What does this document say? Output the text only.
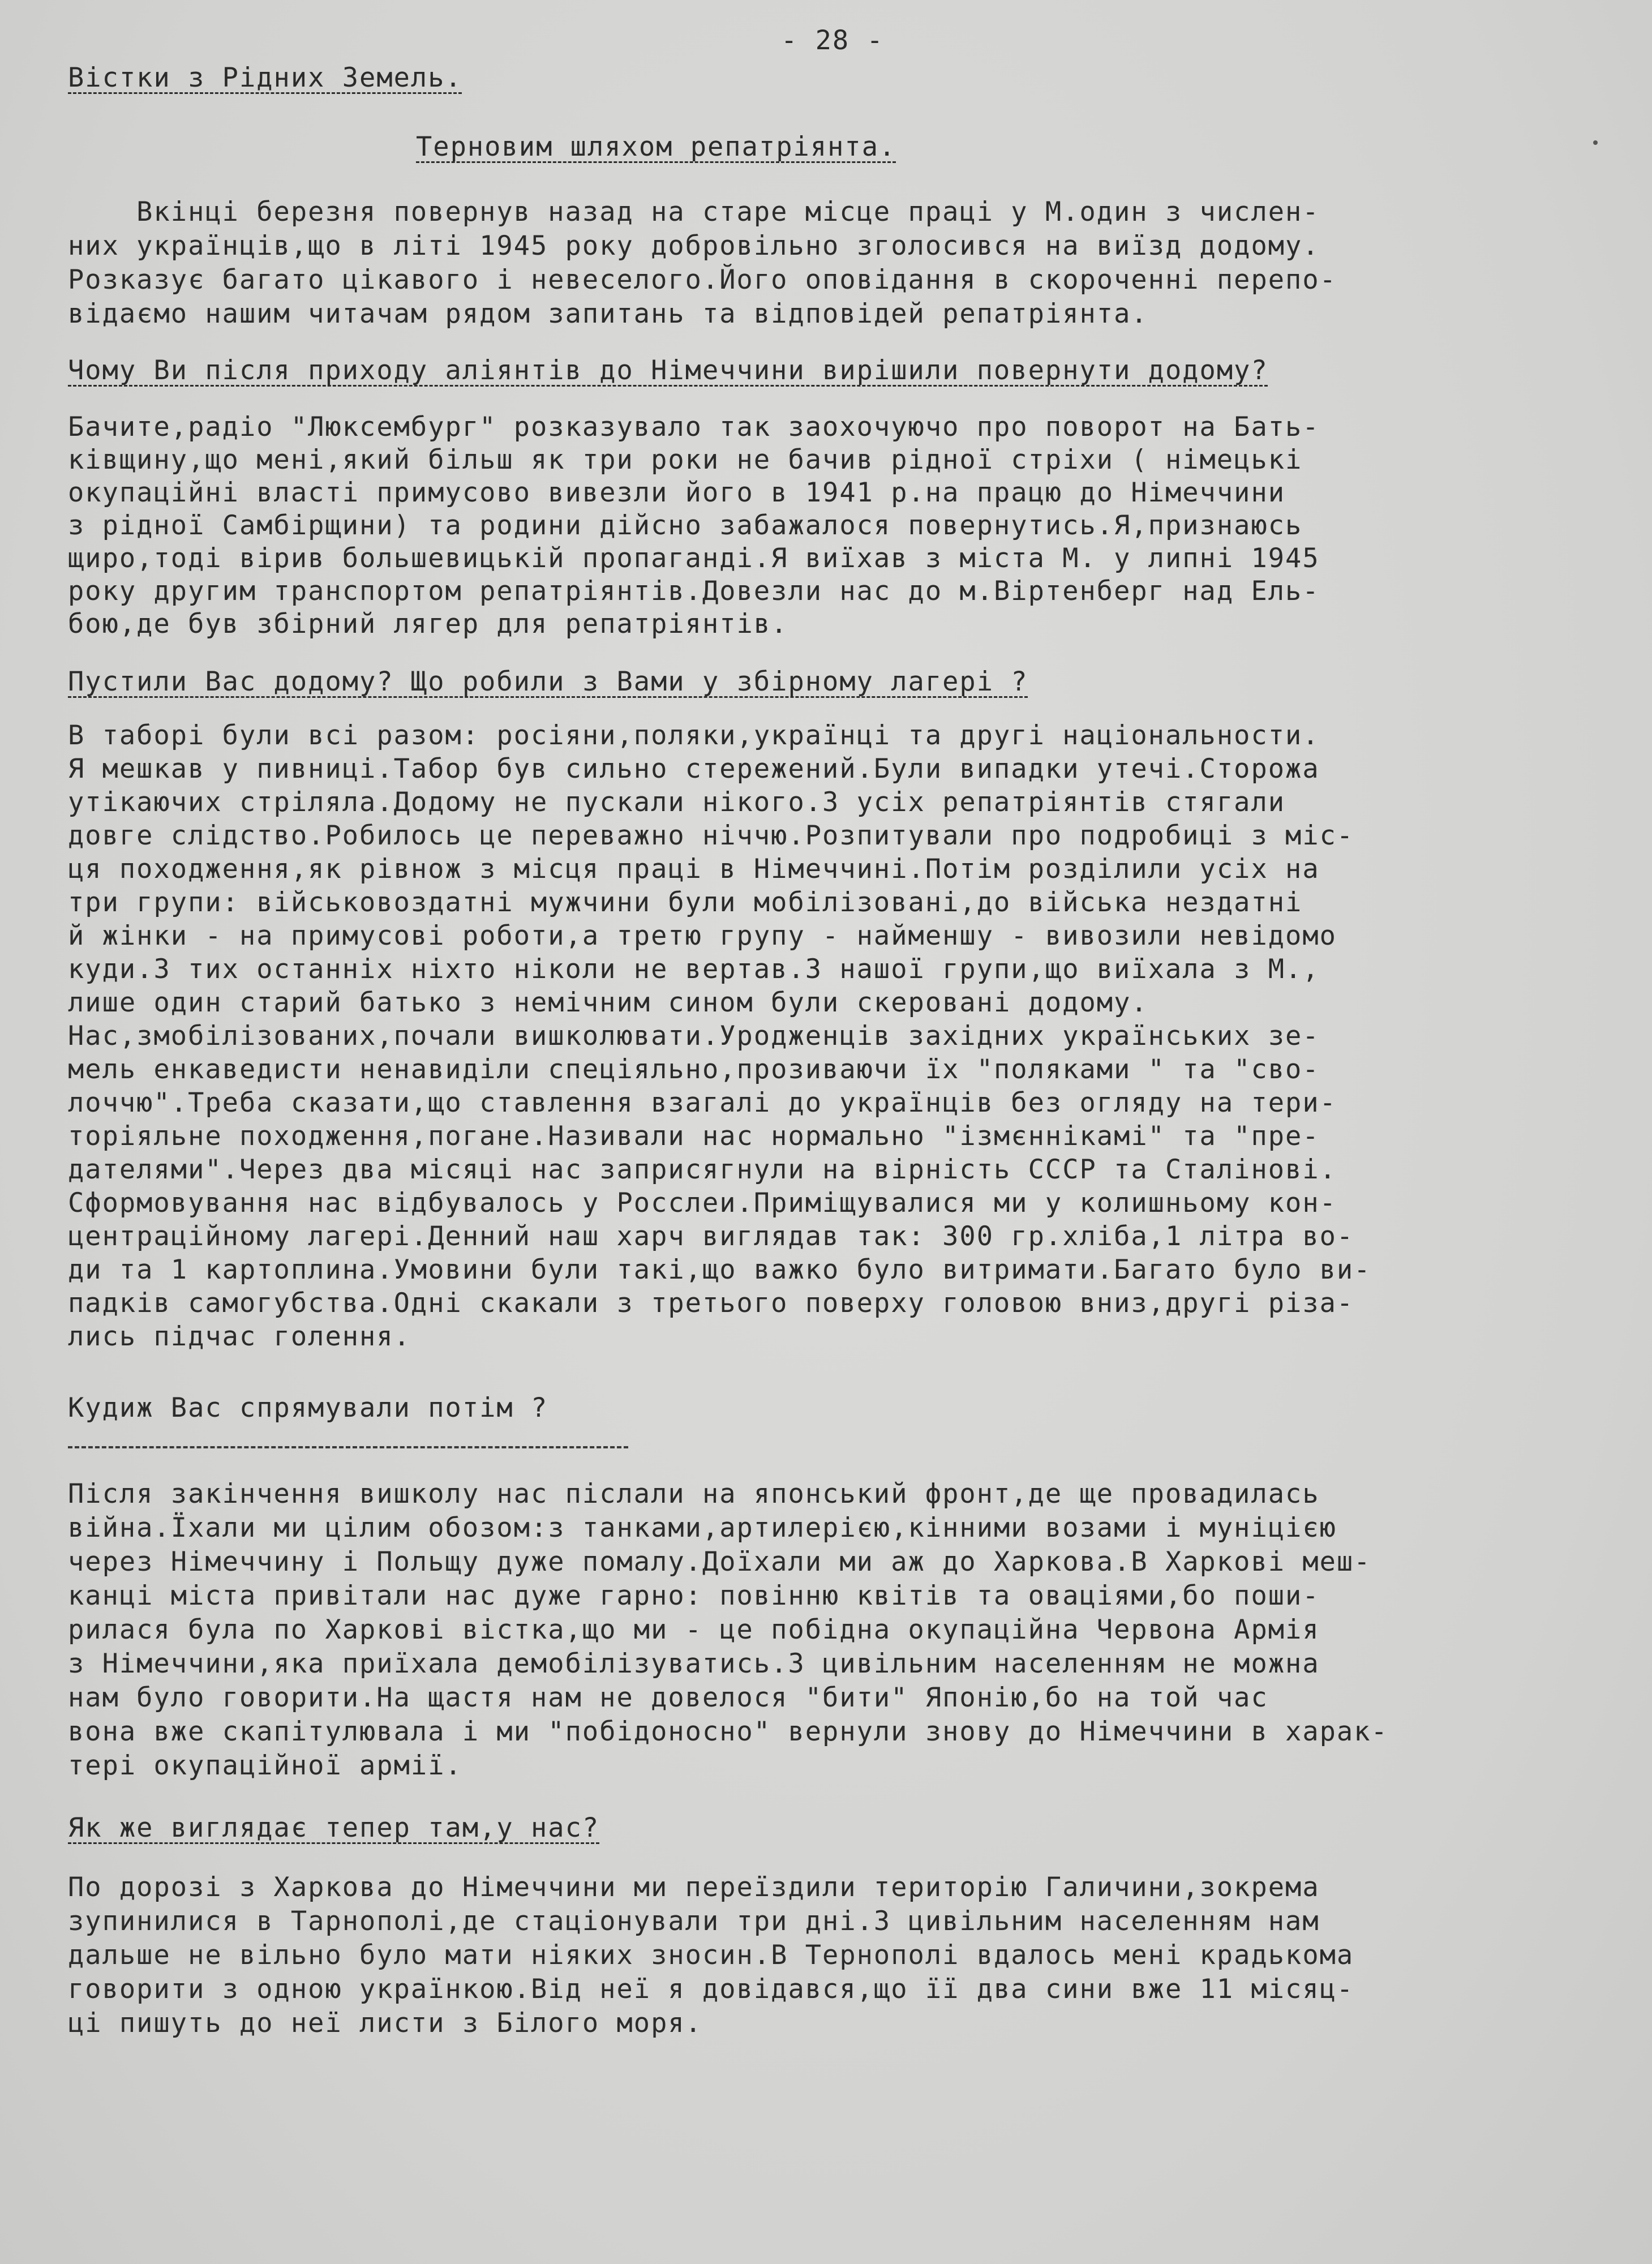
- 28 -
Вістки з Рідних Земель.
Терновим шляхом репатріянта.
Вкінці березня повернув назад на старе місце праці у М.один з числен-
них українців,що в літі 1945 року добровільно зголосився на виїзд додому.
Розказує багато цікавого і невеселого.Його оповідання в скороченні перепо-
відаємо нашим читачам рядом запитань та відповідей репатріянта.
Чому Ви після приходу аліянтів до Німеччини вирішили повернути додому?
Бачите,радіо "Люксембург" розказувало так заохочуючо про поворот на Бать-
ківщину,що мені,який більш як три роки не бачив рідної стріхи ( німецькі
окупаційні власті примусово вивезли його в 1941 р.на працю до Німеччини
з рідної Самбірщини) та родини дійсно забажалося повернутись.Я,признаюсь
щиро,тоді вірив большевицькій пропаганді.Я виїхав з міста М. у липні 1945
року другим транспортом репатріянтів.Довезли нас до м.Віртенберг над Ель-
бою,де був збірний лягер для репатріянтів.
Пустили Вас додому? Що робили з Вами у збірному лагері ?
В таборі були всі разом: росіяни,поляки,українці та другі національности.
Я мешкав у пивниці.Табор був сильно стережений.Були випадки утечі.Сторожа
утікаючих стріляла.Додому не пускали нікого.З усіх репатріянтів стягали
довге слідство.Робилось це переважно ніччю.Розпитували про подробиці з міс-
ця походження,як рівнож з місця праці в Німеччині.Потім розділили усіх на
три групи: військовоздатні мужчини були мобілізовані,до війська нездатні
й жінки - на примусові роботи,а третю групу - найменшу - вивозили невідомо
куди.З тих останніх ніхто ніколи не вертав.З нашої групи,що виїхала з М.,
лише один старий батько з немічним сином були скеровані додому.
Нас,змобілізованих,почали вишколювати.Уродженців західних українських зе-
мель енкаведисти ненавиділи спеціяльно,прозиваючи їх "поляками " та "сво-
лоччю".Треба сказати,що ставлення взагалі до українців без огляду на тери-
торіяльне походження,погане.Називали нас нормально "ізмєннікамі" та "пре-
дателями".Через два місяці нас заприсягнули на вірність СССР та Сталінові.
Сформовування нас відбувалось у Росслеи.Приміщувалися ми у колишньому кон-
центраційному лагері.Денний наш харч виглядав так: 300 гр.хліба,1 літра во-
ди та 1 картоплина.Умовини були такі,що важко було витримати.Багато було ви-
падків самогубства.Одні скакали з третього поверху головою вниз,другі різа-
лись підчас голення.
Кудиж Вас спрямували потім ?
Після закінчення вишколу нас післали на японський фронт,де ще провадилась
війна.Їхали ми цілим обозом:з танками,артилерією,кінними возами і муніцією
через Німеччину і Польщу дуже помалу.Доїхали ми аж до Харкова.В Харкові меш-
канці міста привітали нас дуже гарно: повінню квітів та оваціями,бо поши-
рилася була по Харкові вістка,що ми - це побідна окупаційна Червона Армія
з Німеччини,яка приїхала демобілізуватись.З цивільним населенням не можна
нам було говорити.На щастя нам не довелося "бити" Японію,бо на той час
вона вже скапітулювала і ми "побідоносно" вернули знову до Німеччини в харак-
тері окупаційної армії.
Як же виглядає тепер там,у нас?
По дорозі з Харкова до Німеччини ми переїздили територію Галичини,зокрема
зупинилися в Тарнополі,де стаціонували три дні.З цивільним населенням нам
дальше не вільно було мати ніяких зносин.В Тернополі вдалось мені крадькома
говорити з одною українкою.Від неї я довідався,що її два сини вже 11 місяц-
ці пишуть до неї листи з Білого моря.
